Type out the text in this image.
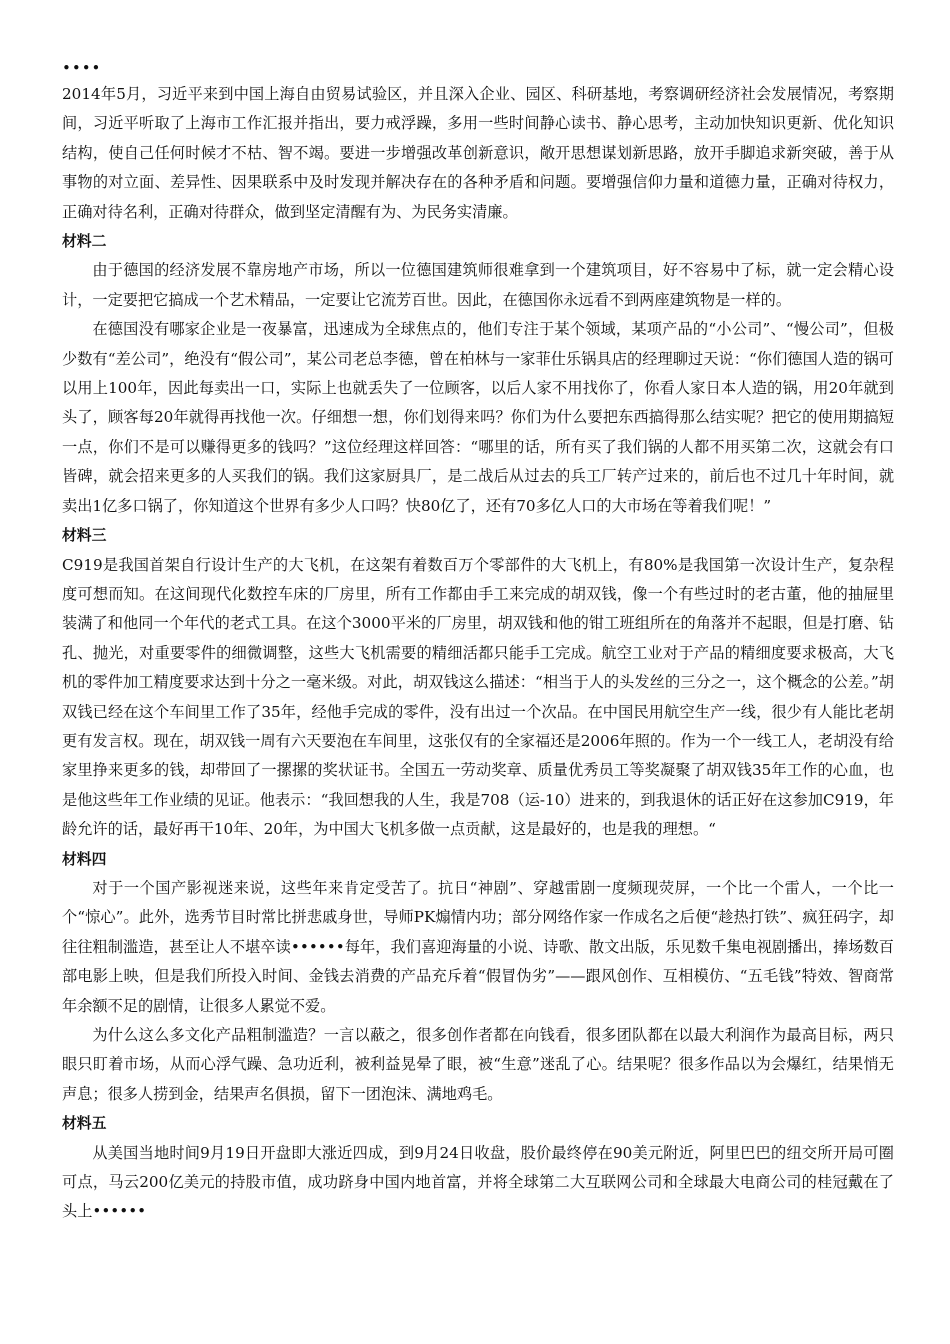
••••
2014年5月，习近平来到中国上海自由贸易试验区，并且深入企业、园区、科研基地，考察调研经济社会发展情况，考察期间，习近平听取了上海市工作汇报并指出，要力戒浮躁，多用一些时间静心读书、静心思考，主动加快知识更新、优化知识结构，使自己任何时候才不枯、智不竭。要进一步增强改革创新意识，敞开思想谋划新思路，放开手脚追求新突破，善于从事物的对立面、差异性、因果联系中及时发现并解决存在的各种矛盾和问题。要增强信仰力量和道德力量，正确对待权力，正确对待名利，正确对待群众，做到坚定清醒有为、为民务实清廉。
材料二
由于德国的经济发展不靠房地产市场，所以一位德国建筑师很难拿到一个建筑项目，好不容易中了标，就一定会精心设计，一定要把它搞成一个艺术精品，一定要让它流芳百世。因此，在德国你永远看不到两座建筑物是一样的。
在德国没有哪家企业是一夜暴富，迅速成为全球焦点的，他们专注于某个领域，某项产品的“小公司”、“慢公司”，但极少数有“差公司”，绝没有“假公司”，某公司老总李德，曾在柏林与一家菲仕乐锅具店的经理聊过天说：“你们德国人造的锅可以用上100年，因此每卖出一口，实际上也就丢失了一位顾客，以后人家不用找你了，你看人家日本人造的锅，用20年就到头了，顾客每20年就得再找他一次。仔细想一想，你们划得来吗？你们为什么要把东西搞得那么结实呢？把它的使用期搞短一点，你们不是可以赚得更多的钱吗？”这位经理这样回答：“哪里的话，所有买了我们锅的人都不用买第二次，这就会有口皆碑，就会招来更多的人买我们的锅。我们这家厨具厂，是二战后从过去的兵工厂转产过来的，前后也不过几十年时间，就卖出1亿多口锅了，你知道这个世界有多少人口吗？快80亿了，还有70多亿人口的大市场在等着我们呢！”
材料三
C919是我国首架自行设计生产的大飞机，在这架有着数百万个零部件的大飞机上，有80%是我国第一次设计生产，复杂程度可想而知。在这间现代化数控车床的厂房里，所有工作都由手工来完成的胡双钱，像一个有些过时的老古董，他的抽屉里装满了和他同一个年代的老式工具。在这个3000平米的厂房里，胡双钱和他的钳工班组所在的角落并不起眼，但是打磨、钻孔、抛光，对重要零件的细微调整，这些大飞机需要的精细活都只能手工完成。航空工业对于产品的精细度要求极高，大飞机的零件加工精度要求达到十分之一毫米级。对此，胡双钱这么描述：“相当于人的头发丝的三分之一，这个概念的公差。”胡双钱已经在这个车间里工作了35年，经他手完成的零件，没有出过一个次品。在中国民用航空生产一线，很少有人能比老胡更有发言权。现在，胡双钱一周有六天要泡在车间里，这张仅有的全家福还是2006年照的。作为一个一线工人，老胡没有给家里挣来更多的钱，却带回了一摞摞的奖状证书。全国五一劳动奖章、质量优秀员工等奖凝聚了胡双钱35年工作的心血，也是他这些年工作业绩的见证。他表示：“我回想我的人生，我是708（运-10）进来的，到我退休的话正好在这参加C919，年龄允许的话，最好再干10年、20年，为中国大飞机多做一点贡献，这是最好的，也是我的理想。“
材料四
对于一个国产影视迷来说，这些年来肯定受苦了。抗日“神剧”、穿越雷剧一度频现荧屏，一个比一个雷人，一个比一个“惊心”。此外，选秀节目时常比拼悲戚身世，导师PK煽情内功；部分网络作家一作成名之后便“趁热打铁”、疯狂码字，却往往粗制滥造，甚至让人不堪卒读••••••每年，我们喜迎海量的小说、诗歌、散文出版，乐见数千集电视剧播出，捧场数百部电影上映，但是我们所投入时间、金钱去消费的产品充斥着“假冒伪劣”——跟风创作、互相模仿、“五毛钱”特效、智商常年余额不足的剧情，让很多人累觉不爱。
为什么这么多文化产品粗制滥造？一言以蔽之，很多创作者都在向钱看，很多团队都在以最大利润作为最高目标，两只眼只盯着市场，从而心浮气躁、急功近利，被利益晃晕了眼，被“生意”迷乱了心。结果呢？很多作品以为会爆红，结果悄无声息；很多人捞到金，结果声名俱损，留下一团泡沫、满地鸡毛。
材料五
从美国当地时间9月19日开盘即大涨近四成，到9月24日收盘，股价最终停在90美元附近，阿里巴巴的纽交所开局可圈可点，马云200亿美元的持股市值，成功跻身中国内地首富，并将全球第二大互联网公司和全球最大电商公司的桂冠戴在了头上••••••
